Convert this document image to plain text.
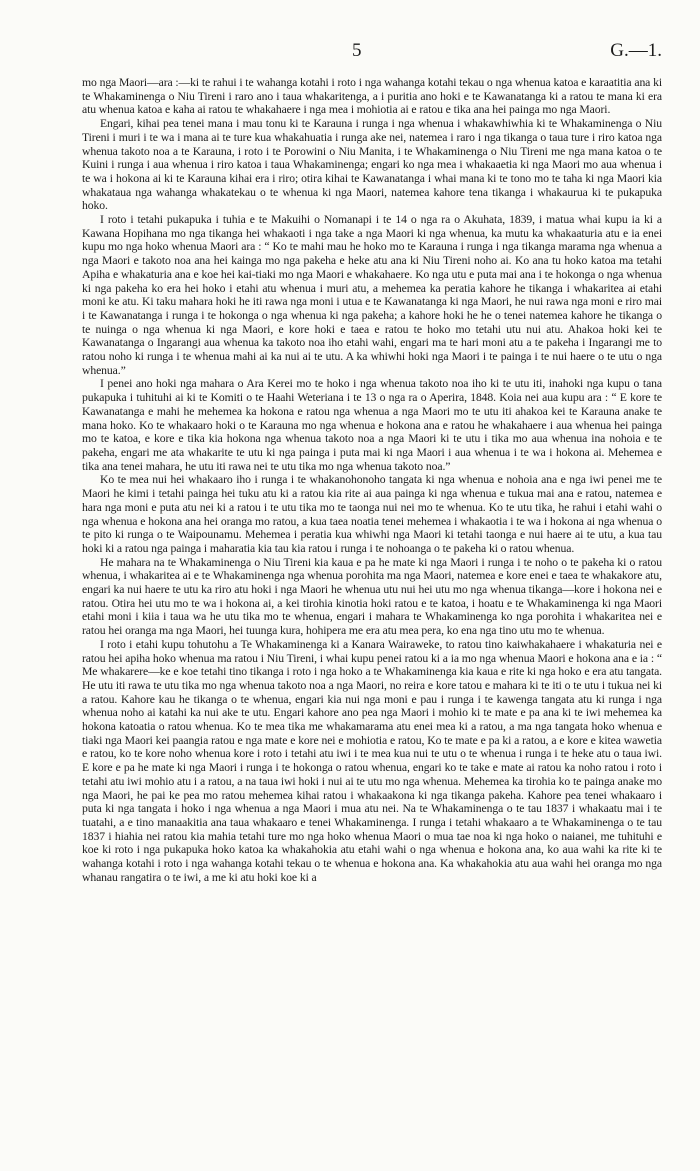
5	G.—1.

mo nga Maori—ara :—ki te rahui i te wahanga kotahi i roto i nga wahanga kotahi tekau o nga whenua katoa e karaatitia ana ki te Whakaminenga o Niu Tireni i raro ano i taua whakaritenga, a i puritia ano hoki e te Kawanatanga ki a ratou te mana ki era atu whenua katoa e kaha ai ratou te whakahaere i nga mea i mohiotia ai e ratou e tika ana hei painga mo nga Maori.

Engari, kihai pea tenei mana i mau tonu ki te Karauna i runga i nga whenua i whakawhiwhia ki te Whakaminenga o Niu Tireni i muri i te wa i mana ai te ture kua whakahuatia i runga ake nei, natemea i raro i nga tikanga o taua ture i riro katoa nga whenua takoto noa a te Karauna, i roto i te Porowini o Niu Manita, i te Whakaminenga o Niu Tireni me nga mana katoa o te Kuini i runga i aua whenua i riro katoa i taua Whakaminenga; engari ko nga mea i whakaaetia ki nga Maori mo aua whenua i te wa i hokona ai ki te Karauna kihai era i riro; otira kihai te Kawanatanga i whai mana ki te tono mo te taha ki nga Maori kia whakataua nga wahanga whakatekau o te whenua ki nga Maori, natemea kahore tena tikanga i whakaurua ki te pukapuka hoko.

I roto i tetahi pukapuka i tuhia e te Makuihi o Nomanapi i te 14 o nga ra o Akuhata, 1839, i matua whai kupu ia ki a Kawana Hopihana mo nga tikanga hei whakaoti i nga take a nga Maori ki nga whenua, ka mutu ka whakaaturia atu e ia enei kupu mo nga hoko whenua Maori ara : “ Ko te mahi mau he hoko mo te Karauna i runga i nga tikanga marama nga whenua a nga Maori e takoto noa ana hei kainga mo nga pakeha e heke atu ana ki Niu Tireni noho ai. Ko ana tu hoko katoa ma tetahi Apiha e whakaturia ana e koe hei kai-tiaki mo nga Maori e whakahaere. Ko nga utu e puta mai ana i te hokonga o nga whenua ki nga pakeha ko era hei hoko i etahi atu whenua i muri atu, a mehemea ka peratia kahore he tikanga i whakaritea ai etahi moni ke atu. Ki taku mahara hoki he iti rawa nga moni i utua e te Kawanatanga ki nga Maori, he nui rawa nga moni e riro mai i te Kawanatanga i runga i te hokonga o nga whenua ki nga pakeha; a kahore hoki he he o tenei natemea kahore he tikanga o te nuinga o nga whenua ki nga Maori, e kore hoki e taea e ratou te hoko mo tetahi utu nui atu. Ahakoa hoki kei te Kawanatanga o Ingarangi aua whenua ka takoto noa iho etahi wahi, engari ma te hari moni atu a te pakeha i Ingarangi me to ratou noho ki runga i te whenua mahi ai ka nui ai te utu. A ka whiwhi hoki nga Maori i te painga i te nui haere o te utu o nga whenua.”

I penei ano hoki nga mahara o Ara Kerei mo te hoko i nga whenua takoto noa iho ki te utu iti, inahoki nga kupu o tana pukapuka i tuhituhi ai ki te Komiti o te Haahi Weteriana i te 13 o nga ra o Aperira, 1848. Koia nei aua kupu ara : “ E kore te Kawanatanga e mahi he mehemea ka hokona e ratou nga whenua a nga Maori mo te utu iti ahakoa kei te Karauna anake te mana hoko. Ko te whakaaro hoki o te Karauna mo nga whenua e hokona ana e ratou he whakahaere i aua whenua hei painga mo te katoa, e kore e tika kia hokona nga whenua takoto noa a nga Maori ki te utu i tika mo aua whenua ina nohoia e te pakeha, engari me ata whakarite te utu ki nga painga i puta mai ki nga Maori i aua whenua i te wa i hokona ai. Mehemea e tika ana tenei mahara, he utu iti rawa nei te utu tika mo nga whenua takoto noa.”

Ko te mea nui hei whakaaro iho i runga i te whakanohonoho tangata ki nga whenua e nohoia ana e nga iwi penei me te Maori he kimi i tetahi painga hei tuku atu ki a ratou kia rite ai aua painga ki nga whenua e tukua mai ana e ratou, natemea e hara nga moni e puta atu nei ki a ratou i te utu tika mo te taonga nui nei mo te whenua. Ko te utu tika, he rahui i etahi wahi o nga whenua e hokona ana hei oranga mo ratou, a kua taea noatia tenei mehemea i whakaotia i te wa i hokona ai nga whenua o te pito ki runga o te Waipounamu. Mehemea i peratia kua whiwhi nga Maori ki tetahi taonga e nui haere ai te utu, a kua tau hoki ki a ratou nga painga i maharatia kia tau kia ratou i runga i te nohoanga o te pakeha ki o ratou whenua.

He mahara na te Whakaminenga o Niu Tireni kia kaua e pa he mate ki nga Maori i runga i te noho o te pakeha ki o ratou whenua, i whakaritea ai e te Whakaminenga nga whenua porohita ma nga Maori, natemea e kore enei e taea te whakakore atu, engari ka nui haere te utu ka riro atu hoki i nga Maori he whenua utu nui hei utu mo nga whenua tikanga—kore i hokona nei e ratou. Otira hei utu mo te wa i hokona ai, a kei tirohia kinotia hoki ratou e te katoa, i hoatu e te Whakaminenga ki nga Maori etahi moni i kiia i taua wa he utu tika mo te whenua, engari i mahara te Whakaminenga ko nga porohita i whakaritea nei e ratou hei oranga ma nga Maori, hei tuunga kura, hohipera me era atu mea pera, ko ena nga tino utu mo te whenua.

I roto i etahi kupu tohutohu a Te Whakaminenga ki a Kanara Wairaweke, to ratou tino kaiwhakahaere i whakaturia nei e ratou hei apiha hoko whenua ma ratou i Niu Tireni, i whai kupu penei ratou ki a ia mo nga whenua Maori e hokona ana e ia : “ Me whakarere—ke e koe tetahi tino tikanga i roto i nga hoko a te Whakaminenga kia kaua e rite ki nga hoko e era atu tangata. He utu iti rawa te utu tika mo nga whenua takoto noa a nga Maori, no reira e kore tatou e mahara ki te iti o te utu i tukua nei ki a ratou. Kahore kau he tikanga o te whenua, engari kia nui nga moni e pau i runga i te kawenga tangata atu ki runga i nga whenua noho ai katahi ka nui ake te utu. Engari kahore ano pea nga Maori i mohio ki te mate e pa ana ki te iwi mehemea ka hokona katoatia o ratou whenua. Ko te mea tika me whakamarama atu enei mea ki a ratou, a ma nga tangata hoko whenua e tiaki nga Maori kei paangia ratou e nga mate e kore nei e mohiotia e ratou, Ko te mate e pa ki a ratou, a e kore e kitea wawetia e ratou, ko te kore noho whenua kore i roto i tetahi atu iwi i te mea kua nui te utu o te whenua i runga i te heke atu o taua iwi. E kore e pa he mate ki nga Maori i runga i te hokonga o ratou whenua, engari ko te take e mate ai ratou ka noho ratou i roto i tetahi atu iwi mohio atu i a ratou, a na taua iwi hoki i nui ai te utu mo nga whenua. Mehemea ka tirohia ko te painga anake mo nga Maori, he pai ke pea mo ratou mehemea kihai ratou i whakaakona ki nga tikanga pakeha. Kahore pea tenei whakaaro i puta ki nga tangata i hoko i nga whenua a nga Maori i mua atu nei. Na te Whakaminenga o te tau 1837 i whakaatu mai i te tuatahi, a e tino manaakitia ana taua whakaaro e tenei Whakaminenga. I runga i tetahi whakaaro a te Whakaminenga o te tau 1837 i hiahia nei ratou kia mahia tetahi ture mo nga hoko whenua Maori o mua tae noa ki nga hoko o naianei, me tuhituhi e koe ki roto i nga pukapuka hoko katoa ka whakahokia atu etahi wahi o nga whenua e hokona ana, ko aua wahi ka rite ki te wahanga kotahi i roto i nga wahanga kotahi tekau o te whenua e hokona ana. Ka whakahokia atu aua wahi hei oranga mo nga whanau rangatira o te iwi, a me ki atu hoki koe ki a
